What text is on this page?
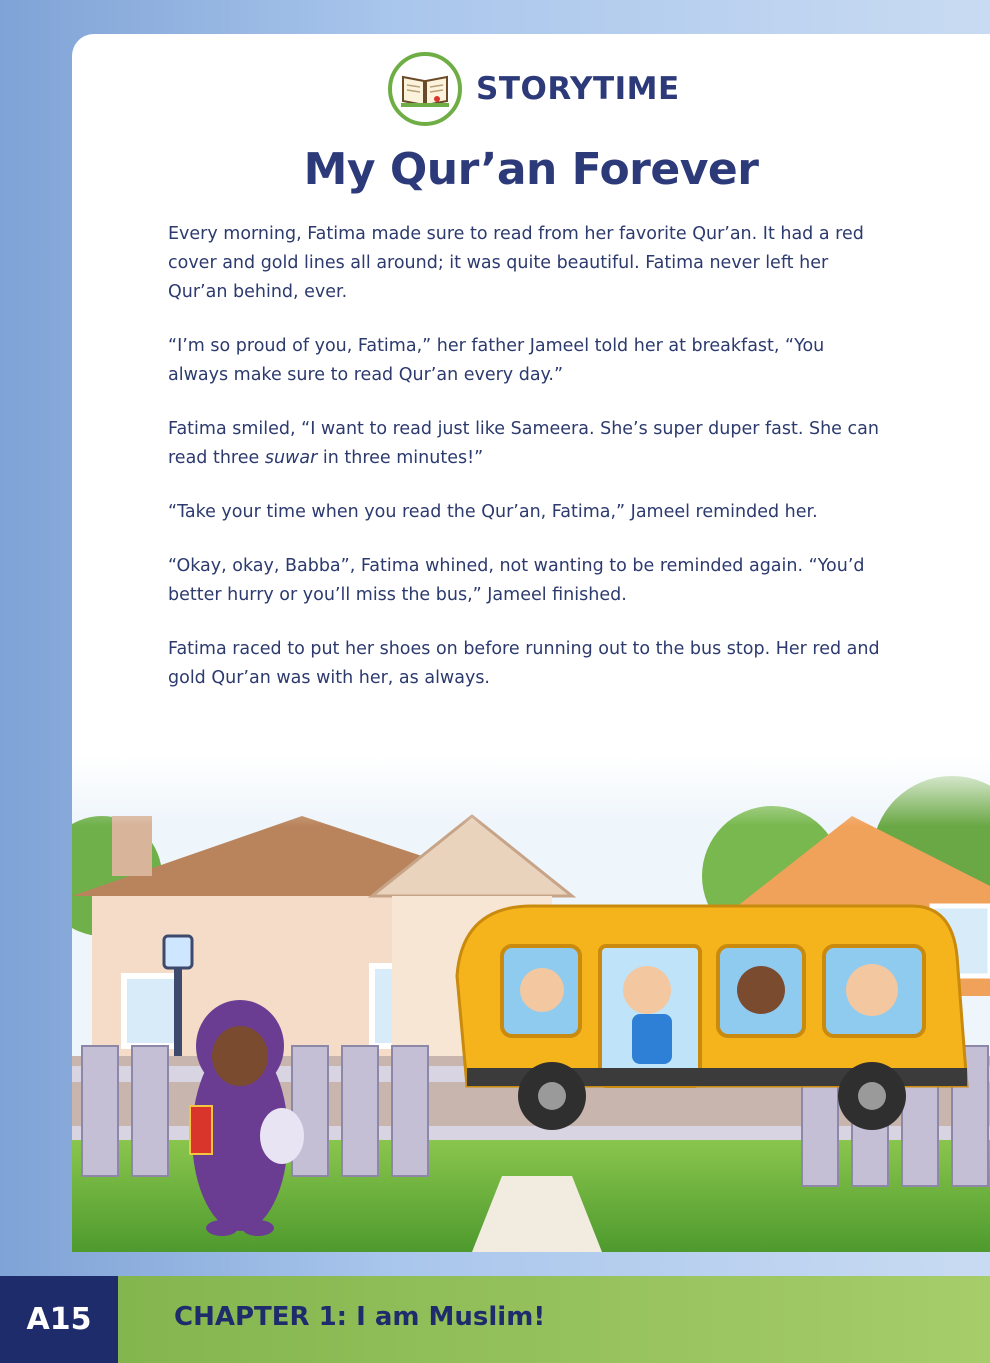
STORYTIME
My Qur’an Forever

Every morning, Fatima made sure to read from her favorite Qur’an. It had a red cover and gold lines all around; it was quite beautiful. Fatima never left her Qur’an behind, ever.

“I’m so proud of you, Fatima,” her father Jameel told her at breakfast, “You always make sure to read Qur’an every day.”

Fatima smiled, “I want to read just like Sameera. She’s super duper fast. She can read three suwar in three minutes!”

“Take your time when you read the Qur’an, Fatima,” Jameel reminded her.

“Okay, okay, Babba”, Fatima whined, not wanting to be reminded again. “You’d better hurry or you’ll miss the bus,” Jameel finished.

Fatima raced to put her shoes on before running out to the bus stop. Her red and gold Qur’an was with her, as always.

A15	CHAPTER 1: I am Muslim!
